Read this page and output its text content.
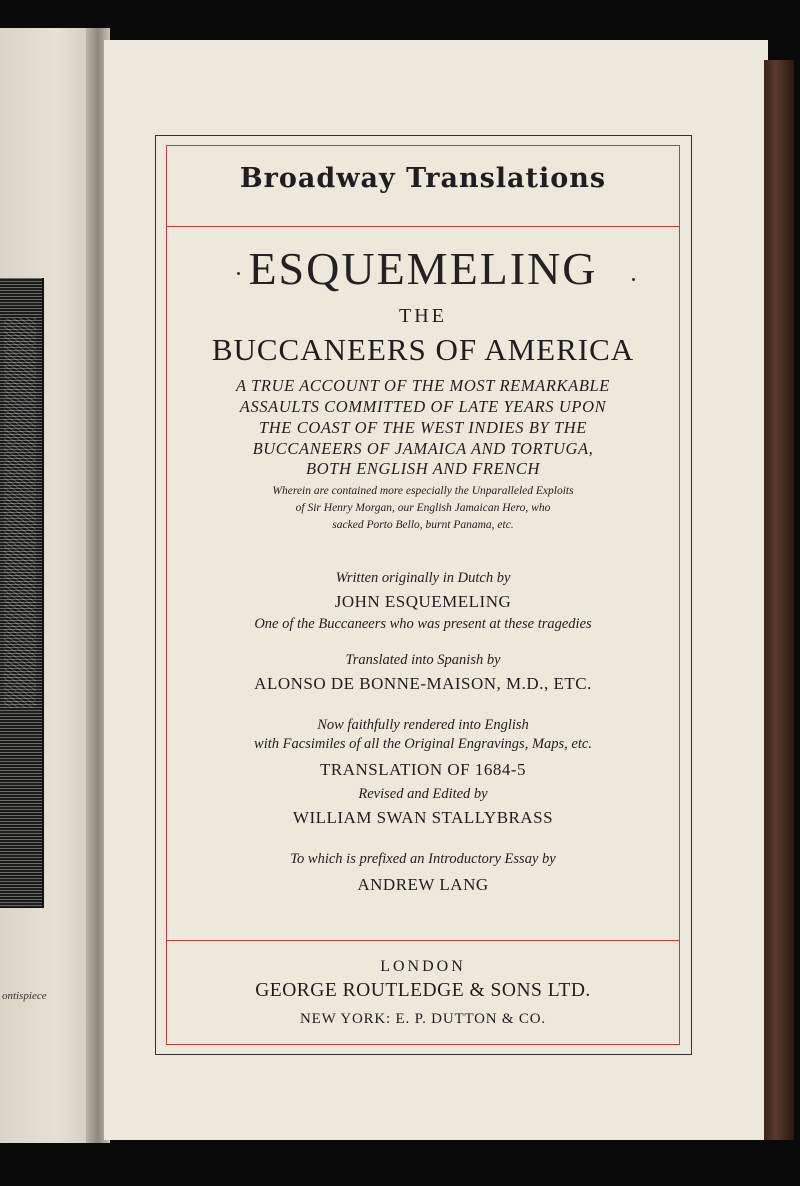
ontispiece

Broadway Translations

ESQUEMELING

THE

BUCCANEERS OF AMERICA

A TRUE ACCOUNT OF THE MOST REMARKABLE

ASSAULTS COMMITTED OF LATE YEARS UPON

THE COAST OF THE WEST INDIES BY THE

BUCCANEERS OF JAMAICA AND TORTUGA,

BOTH ENGLISH AND FRENCH

Wherein are contained more especially the Unparalleled Exploits

of Sir Henry Morgan, our English Jamaican Hero, who

sacked Porto Bello, burnt Panama, etc.

Written originally in Dutch by

JOHN ESQUEMELING

One of the Buccaneers who was present at these tragedies

Translated into Spanish by

ALONSO DE BONNE-MAISON, M.D., ETC.

Now faithfully rendered into English

with Facsimiles of all the Original Engravings, Maps, etc.

TRANSLATION OF 1684-5

Revised and Edited by

WILLIAM SWAN STALLYBRASS

To which is prefixed an Introductory Essay by

ANDREW LANG

LONDON

GEORGE ROUTLEDGE & SONS LTD.

NEW YORK: E. P. DUTTON & CO.
